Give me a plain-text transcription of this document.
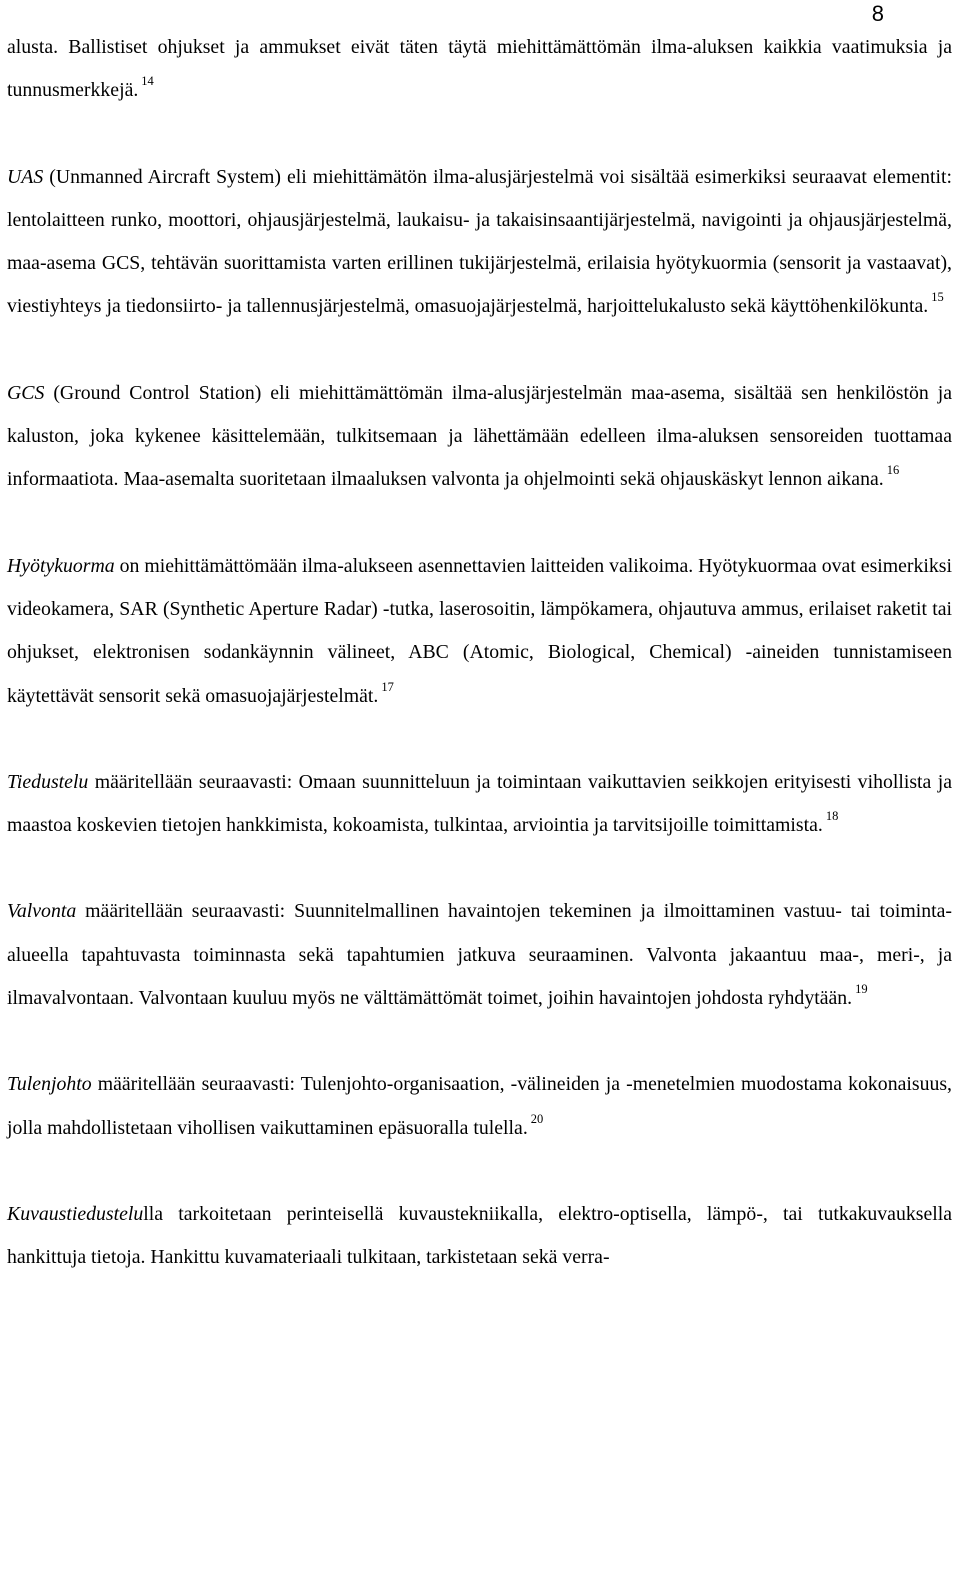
8

alusta. Ballistiset ohjukset ja ammukset eivät täten täytä miehittämättömän ilma-aluksen kaikkia vaatimuksia ja tunnusmerkkejä. $^{14}$

UAS (Unmanned Aircraft System) eli miehittämätön ilma-alusjärjestelmä voi sisältää esimerkiksi seuraavat elementit: lentolaitteen runko, moottori, ohjausjärjestelmä, laukaisu- ja takaisinsaantijärjestelmä, navigointi ja ohjausjärjestelmä, maa-asema GCS, tehtävän suorittamista varten erillinen tukijärjestelmä, erilaisia hyötykuormia (sensorit ja vastaavat), viestiyhteys ja tiedonsiirto- ja tallennusjärjestelmä, omasuojajärjestelmä, harjoittelukalusto sekä käyttöhenkilökunta. $^{15}$

GCS (Ground Control Station) eli miehittämättömän ilma-alusjärjestelmän maa-asema, sisältää sen henkilöstön ja kaluston, joka kykenee käsittelemään, tulkitsemaan ja lähettämään edelleen ilma-aluksen sensoreiden tuottamaa informaatiota. Maa-asemalta suoritetaan ilmaaluksen valvonta ja ohjelmointi sekä ohjauskäskyt lennon aikana. $^{16}$

Hyötykuorma on miehittämättömään ilma-alukseen asennettavien laitteiden valikoima. Hyötykuormaa ovat esimerkiksi videokamera, SAR (Synthetic Aperture Radar) -tutka, laserosoitin, lämpökamera, ohjautuva ammus, erilaiset raketit tai ohjukset, elektronisen sodankäynnin välineet, ABC (Atomic, Biological, Chemical) -aineiden tunnistamiseen käytettävät sensorit sekä omasuojajärjestelmät. $^{17}$

Tiedustelu määritellään seuraavasti: Omaan suunnitteluun ja toimintaan vaikuttavien seikkojen erityisesti vihollista ja maastoa koskevien tietojen hankkimista, kokoamista, tulkintaa, arviointia ja tarvitsijoille toimittamista. $^{18}$

Valvonta määritellään seuraavasti: Suunnitelmallinen havaintojen tekeminen ja ilmoittaminen vastuu- tai toiminta-alueella tapahtuvasta toiminnasta sekä tapahtumien jatkuva seuraaminen. Valvonta jakaantuu maa-, meri-, ja ilmavalvontaan. Valvontaan kuuluu myös ne välttämättömät toimet, joihin havaintojen johdosta ryhdytään. $^{19}$

Tulenjohto määritellään seuraavasti: Tulenjohto-organisaation, -välineiden ja -menetelmien muodostama kokonaisuus, jolla mahdollistetaan vihollisen vaikuttaminen epäsuoralla tulella. $^{20}$

Kuvaustiedustelulla tarkoitetaan perinteisellä kuvaustekniikalla, elektro-optisella, lämpö-, tai tutkakuvauksella hankittuja tietoja. Hankittu kuvamateriaali tulkitaan, tarkistetaan sekä verra-
